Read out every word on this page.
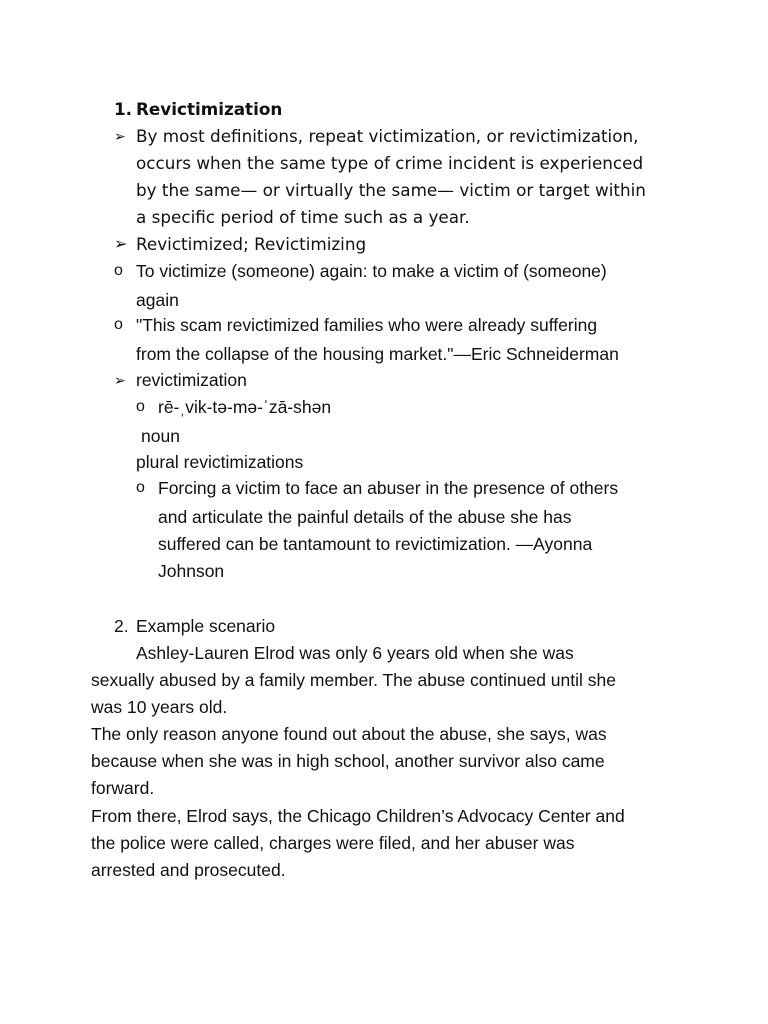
1. Revictimization
➢ By most definitions, repeat victimization, or revictimization,
occurs when the same type of crime incident is experienced
by the same— or virtually the same— victim or target within
a specific period of time such as a year.
➢ Revictimized; Revictimizing
o To victimize (someone) again: to make a victim of (someone)
again
o "This scam revictimized families who were already suffering
from the collapse of the housing market."—Eric Schneiderman
➢ revictimization
o rē-ˌvik-tə-mə-ˈzā-shən
noun
plural revictimizations
o Forcing a victim to face an abuser in the presence of others
and articulate the painful details of the abuse she has
suffered can be tantamount to revictimization. —Ayonna
Johnson
2. Example scenario
Ashley-Lauren Elrod was only 6 years old when she was
sexually abused by a family member. The abuse continued until she
was 10 years old.
The only reason anyone found out about the abuse, she says, was
because when she was in high school, another survivor also came
forward.
From there, Elrod says, the Chicago Children’s Advocacy Center and
the police were called, charges were filed, and her abuser was
arrested and prosecuted.
